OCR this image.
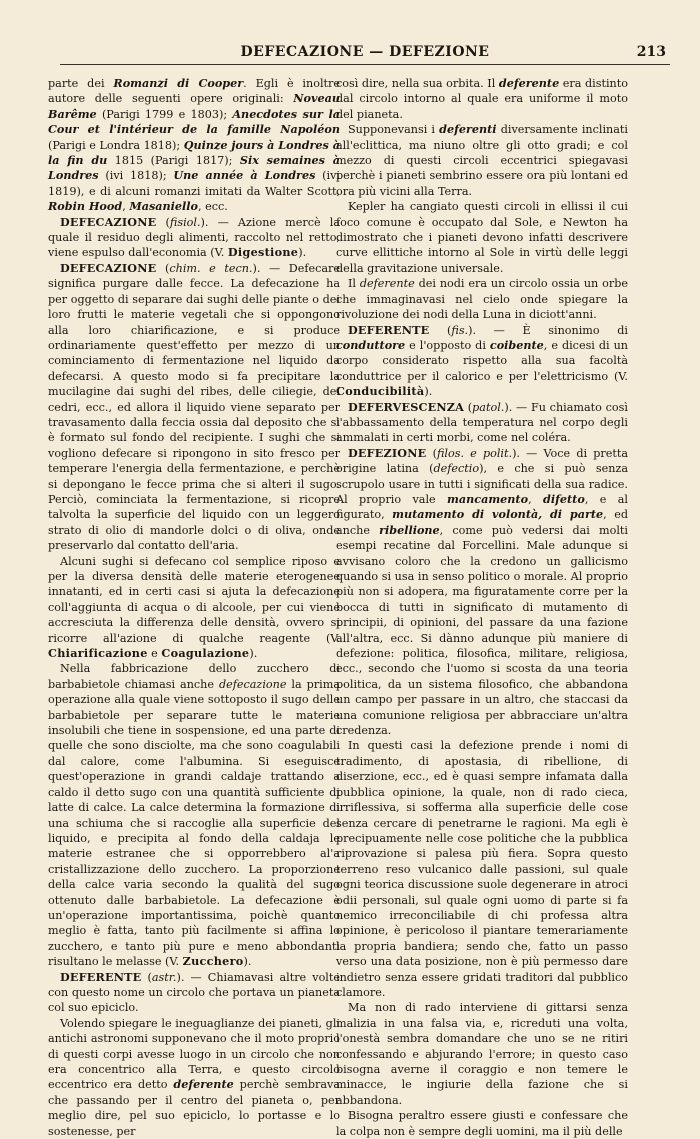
DEFECAZIONE — DEFEZIONE	213

parte dei Romanzi di Cooper. Egli è inoltre autore delle seguenti opere originali: Noveau Barême (Parigi 1799 e 1803); Anecdotes sur la Cour et l'intérieur de la famille Napoléon (Parigi e Londra 1818); Quinze jours à Londres à la fin du 1815 (Parigi 1817); Six semaines à Londres (ivi 1818); Une année à Londres (ivi 1819), e di alcuni romanzi imitati da Walter Scott, Robin Hood, Masaniello, ecc.

DEFECAZIONE (fisiol.). — Azione mercè la quale il residuo degli alimenti, raccolto nel retto, viene espulso dall'economia (V. Digestione).

DEFECAZIONE (chim. e tecn.). — Defecare significa purgare dalle fecce. La defecazione ha per oggetto di separare dai sughi delle piante o dei loro frutti le materie vegetali che si oppongono alla loro chiarificazione, e si produce ordinariamente quest'effetto per mezzo di un cominciamento di fermentazione nel liquido da defecarsi. A questo modo si fa precipitare la mucilagine dai sughi del ribes, delle ciliegie, dei cedri, ecc., ed allora il liquido viene separato per travasamento dalla feccia ossia dal deposito che si è formato sul fondo del recipiente. I sughi che si vogliono defecare si ripongono in sito fresco per temperare l'energia della fermentazione, e perchè si depongano le fecce prima che si alteri il sugo. Perciò, cominciata la fermentazione, si ricopre talvolta la superficie del liquido con un leggero strato di olio di mandorle dolci o di oliva, onde preservarlo dal contatto dell'aria.

Alcuni sughi si defecano col semplice riposo e per la diversa densità delle materie eterogenee innatanti, ed in certi casi si ajuta la defecazione coll'aggiunta di acqua o di alcoole, per cui viene accresciuta la differenza delle densità, ovvero si ricorre all'azione di qualche reagente (V. Chiarificazione e Coagulazione).

Nella fabbricazione dello zucchero di barbabietole chiamasi anche defecazione la prima operazione alla quale viene sottoposto il sugo delle barbabietole per separare tutte le materie insolubili che tiene in sospensione, ed una parte di quelle che sono disciolte, ma che sono coagulabili dal calore, come l'albumina. Si eseguisce quest'operazione in grandi caldaje trattando a caldo il detto sugo con una quantità sufficiente di latte di calce. La calce determina la formazione di una schiuma che si raccoglie alla superficie del liquido, e precipita al fondo della caldaja le materie estranee che si opporrebbero al'a cristallizzazione dello zucchero. La proporzione della calce varia secondo la qualità del sugo ottenuto dalle barbabietole. La defecazione è un'operazione importantissima, poichè quanto meglio è fatta, tanto più facilmente si affina lo zucchero, e tanto più pure e meno abbondanti risultano le melasse (V. Zucchero).

DEFERENTE (astr.). — Chiamavasi altre volte con questo nome un circolo che portava un pianeta col suo epiciclo.

Volendo spiegare le ineguaglianze dei pianeti, gli antichi astronomi supponevano che il moto proprio di questi corpi avesse luogo in un circolo che non era concentrico alla Terra, e questo circolo eccentrico era detto deferente perchè sembrava che passando per il centro del pianeta o, per meglio dire, pel suo epiciclo, lo portasse e lo sostenesse, per

così dire, nella sua orbita. Il deferente era distinto dal circolo intorno al quale era uniforme il moto del pianeta.

Supponevansi i deferenti diversamente inclinati all'eclittica, ma niuno oltre gli otto gradi; e col mezzo di questi circoli eccentrici spiegavasi perchè i pianeti sembrino essere ora più lontani ed ora più vicini alla Terra.

Kepler ha cangiato questi circoli in ellissi il cui foco comune è occupato dal Sole, e Newton ha dimostrato che i pianeti devono infatti descrivere curve ellittiche intorno al Sole in virtù delle leggi della gravitazione universale.

Il deferente dei nodi era un circolo ossia un orbe che immaginavasi nel cielo onde spiegare la rivoluzione dei nodi della Luna in diciott'anni.

DEFERENTE (fis.). — È sinonimo di conduttore e l'opposto di coibente, e dicesi di un corpo considerato rispetto alla sua facoltà conduttrice per il calorico e per l'elettricismo (V. Conducibilità).

DEFERVESCENZA (patol.). — Fu chiamato così l'abbassamento della temperatura nel corpo degli ammalati in certi morbi, come nel coléra.

DEFEZIONE (filos. e polit.). — Voce di pretta origine latina (defectio), e che si può senza scrupolo usare in tutti i significati della sua radice. Al proprio vale mancamento, difetto, e al figurato, mutamento di volontà, di parte, ed anche ribellione, come può vedersi dai molti esempi recatine dal Forcellini. Male adunque si avvisano coloro che la credono un gallicismo quando si usa in senso politico o morale. Al proprio più non si adopera, ma figuratamente corre per la bocca di tutti in significato di mutamento di principii, di opinioni, del passare da una fazione all'altra, ecc. Si dànno adunque più maniere di defezione: politica, filosofica, militare, religiosa, ecc., secondo che l'uomo si scosta da una teoria politica, da un sistema filosofico, che abbandona un campo per passare in un altro, che staccasi da una comunione religiosa per abbracciare un'altra credenza.

In questi casi la defezione prende i nomi di tradimento, di apostasia, di ribellione, di diserzione, ecc., ed è quasi sempre infamata dalla pubblica opinione, la quale, non di rado cieca, irriflessiva, si sofferma alla superficie delle cose senza cercare di penetrarne le ragioni. Ma egli è precipuamente nelle cose politiche che la pubblica riprovazione si palesa più fiera. Sopra questo terreno reso vulcanico dalle passioni, sul quale ogni teorica discussione suole degenerare in atroci odii personali, sul quale ogni uomo di parte si fa nemico irreconciliabile di chi professa altra opinione, è pericoloso il piantare temerariamente la propria bandiera; sendo che, fatto un passo verso una data posizione, non è più permesso dare indietro senza essere gridati traditori dal pubblico clamore.

Ma non di rado interviene di gittarsi senza malizia in una falsa via, e, ricreduti una volta, l'onestà sembra domandare che uno se ne ritiri confessando e abjurando l'errore; in questo caso bisogna averne il coraggio e non temere le minacce, le ingiurie della fazione che si abbandona.

Bisogna peraltro essere giusti e confessare che la colpa non è sempre degli uomini, ma il più delle
